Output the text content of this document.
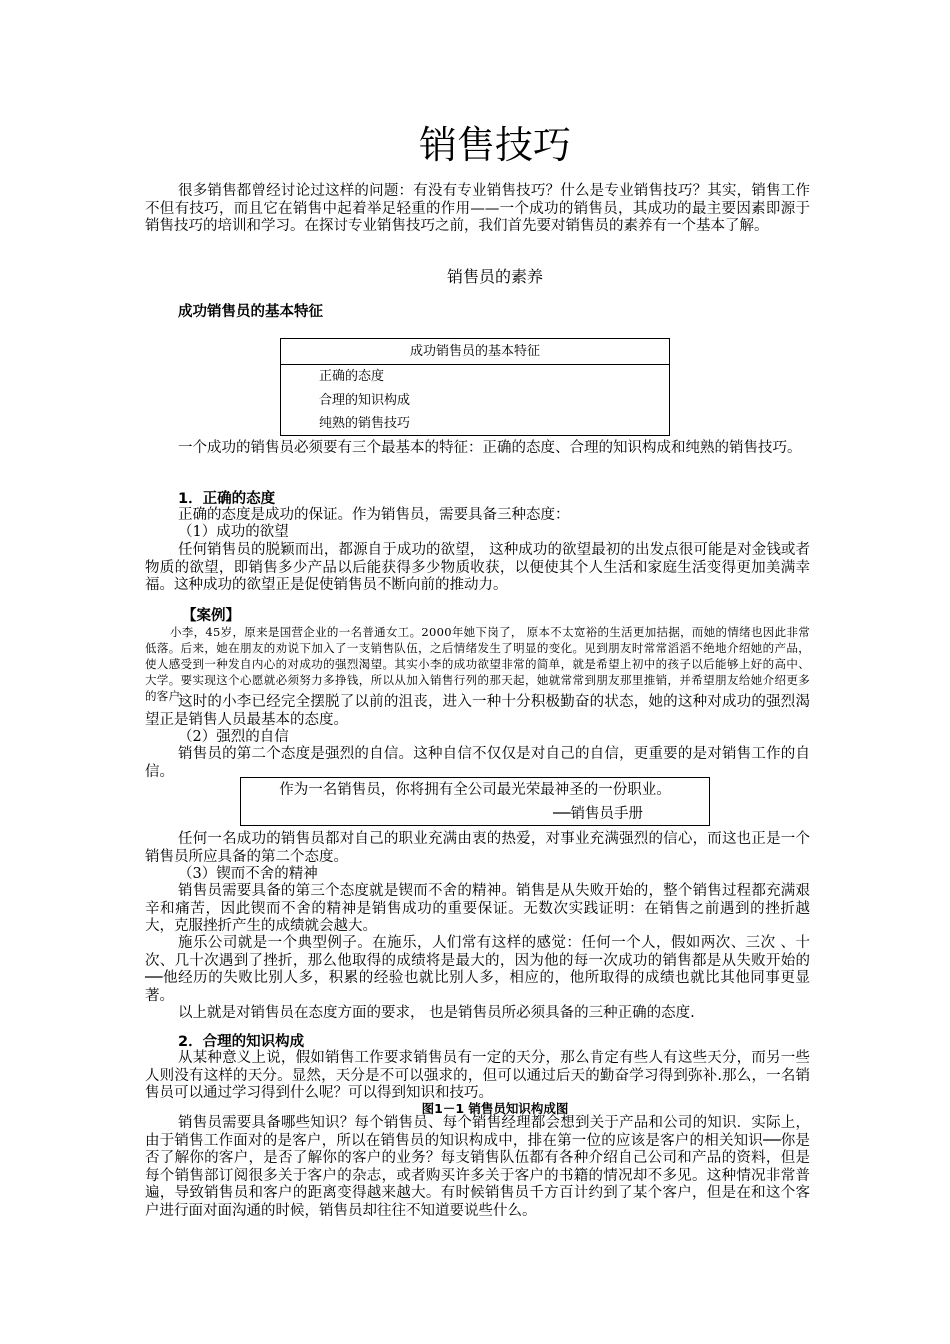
销售技巧
很多销售都曾经讨论过这样的问题：有没有专业销售技巧？什么是专业销售技巧？其实，销售工作不但有技巧，而且它在销售中起着举足轻重的作用——一个成功的销售员，其成功的最主要因素即源于销售技巧的培训和学习。在探讨专业销售技巧之前，我们首先要对销售员的素养有一个基本了解。
销售员的素养
成功销售员的基本特征
成功销售员的基本特征
正确的态度
合理的知识构成
纯熟的销售技巧
一个成功的销售员必须要有三个最基本的特征：正确的态度、合理的知识构成和纯熟的销售技巧。
1．正确的态度
正确的态度是成功的保证。作为销售员，需要具备三种态度：
（1）成功的欲望
任何销售员的脱颖而出，都源自于成功的欲望， 这种成功的欲望最初的出发点很可能是对金钱或者物质的欲望，即销售多少产品以后能获得多少物质收获，以便使其个人生活和家庭生活变得更加美满幸福。这种成功的欲望正是促使销售员不断向前的推动力。
【案例】
小李，45岁，原来是国营企业的一名普通女工。2000年她下岗了， 原本不太宽裕的生活更加拮据，而她的情绪也因此非常低落。后来，她在朋友的劝说下加入了一支销售队伍，之后情绪发生了明显的变化。见到朋友时常常滔滔不绝地介绍她的产品，使人感受到一种发自内心的对成功的强烈渴望。其实小李的成功欲望非常的简单，就是希望上初中的孩子以后能够上好的高中、大学。要实现这个心愿就必须努力多挣钱，所以从加入销售行列的那天起，她就常常到朋友那里推销，并希望朋友给她介绍更多的客户。
这时的小李已经完全摆脱了以前的沮丧，进入一种十分积极勤奋的状态，她的这种对成功的强烈渴望正是销售人员最基本的态度。
（2）强烈的自信
销售员的第二个态度是强烈的自信。这种自信不仅仅是对自己的自信，更重要的是对销售工作的自信。
作为一名销售员，你将拥有全公司最光荣最神圣的一份职业。
──销售员手册
任何一名成功的销售员都对自己的职业充满由衷的热爱，对事业充满强烈的信心，而这也正是一个销售员所应具备的第二个态度。
（3）锲而不舍的精神
销售员需要具备的第三个态度就是锲而不舍的精神。销售是从失败开始的，整个销售过程都充满艰辛和痛苦，因此锲而不舍的精神是销售成功的重要保证。无数次实践证明：在销售之前遇到的挫折越大，克服挫折产生的成绩就会越大。
施乐公司就是一个典型例子。在施乐，人们常有这样的感觉：任何一个人，假如两次、三次 、十次、几十次遇到了挫折，那么他取得的成绩将是最大的，因为他的每一次成功的销售都是从失败开始的──他经历的失败比别人多，积累的经验也就比别人多，相应的，他所取得的成绩也就比其他同事更显著。
以上就是对销售员在态度方面的要求， 也是销售员所必须具备的三种正确的态度.
2．合理的知识构成
从某种意义上说，假如销售工作要求销售员有一定的天分，那么肯定有些人有这些天分，而另一些人则没有这样的天分。显然，天分是不可以强求的，但可以通过后天的勤奋学习得到弥补.那么，一名销售员可以通过学习得到什么呢？可以得到知识和技巧。
图1－1 销售员知识构成图
销售员需要具备哪些知识？每个销售员、每个销售经理都会想到关于产品和公司的知识．实际上，由于销售工作面对的是客户，所以在销售员的知识构成中，排在第一位的应该是客户的相关知识──你是否了解你的客户，是否了解你的客户的业务？每支销售队伍都有各种介绍自己公司和产品的资料，但是每个销售部订阅很多关于客户的杂志，或者购买许多关于客户的书籍的情况却不多见。这种情况非常普遍，导致销售员和客户的距离变得越来越大。有时候销售员千方百计约到了某个客户，但是在和这个客户进行面对面沟通的时候，销售员却往往不知道要说些什么。
